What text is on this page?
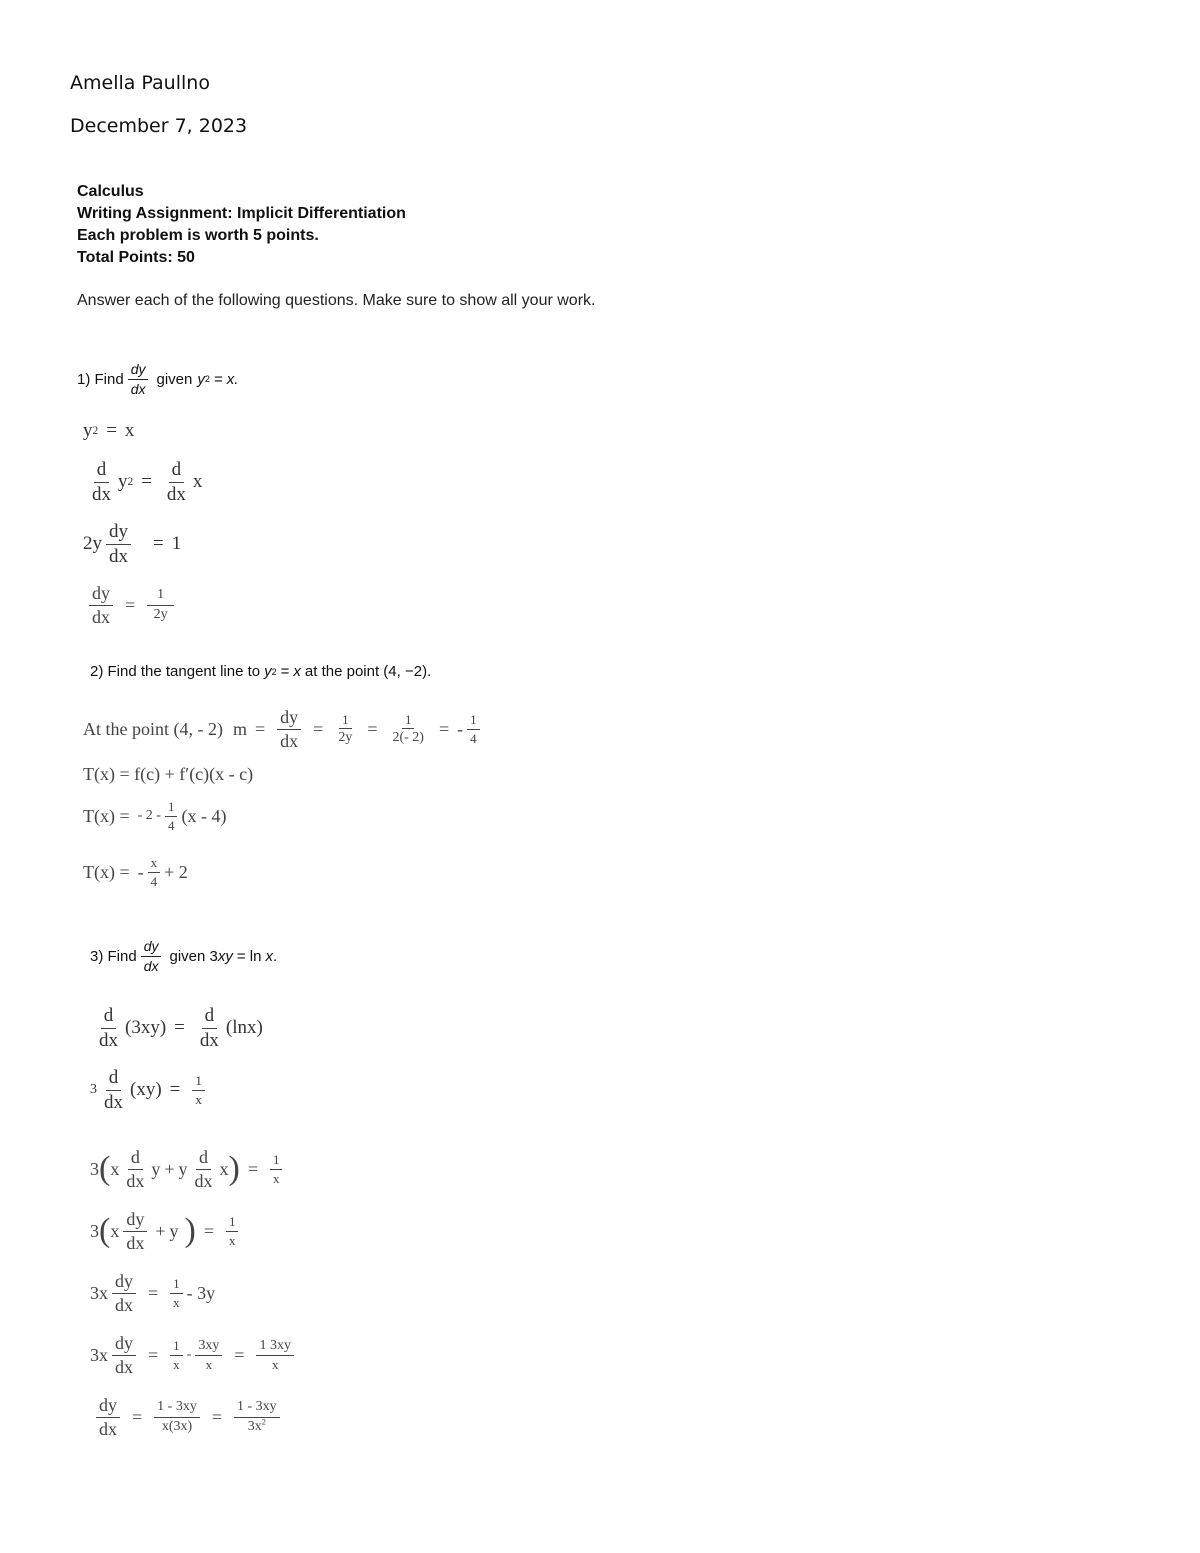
Amella Paullno
December 7, 2023
Calculus
Writing Assignment: Implicit Differentiation
Each problem is worth 5 points.
Total Points: 50
Answer each of the following questions. Make sure to show all your work.
1) Find $\frac{dy}{dx}$ given y 2 = x.
y 2 = x
$\frac{d}{dx}$ y $2 = \frac{d}{dx}$ x
$2y \frac{dy}{dx} = 1$
$\frac{dy}{dx} = \frac{1}{2y}$
2) Find the tangent line to y 2 = x at the point (4, −2).
At the point (4, - 2) $m = \frac{dy}{dx} = \frac{1}{2y} = \frac{1}{2(- 2)}$ = - $\frac{1}{4}$
T(x) = f(c) + f′(c)(x - c)
T(x) = - $2 - \frac{1}{4} (x - 4)$
T(x) = - $\frac{x}{4} + 2$
3) Find $\frac{dy}{dx}$ given 3 xy = ln x .
$\frac{d}{dx} (3xy) = \frac{d}{dx} (\ln x)$
$3 \frac{d}{dx} (xy) = \frac{1}{x}$
3 ( x $\frac{d}{dx}$ y + y $\frac{d}{dx}$ x ) = $\frac{1}{x}$
3 ( x $\frac{dy}{dx} + y$ ) = $\frac{1}{x}$
$3x \frac{dy}{dx} = \frac{1}{x} - 3y$
$3x \frac{dy}{dx} = \frac{1}{x} - \frac{3xy}{x} = \frac{1 3xy}{x}$
$\frac{dy}{dx} = \frac{1 - 3xy}{x(3x)} = \frac{1 - 3xy}{3x^2}$
